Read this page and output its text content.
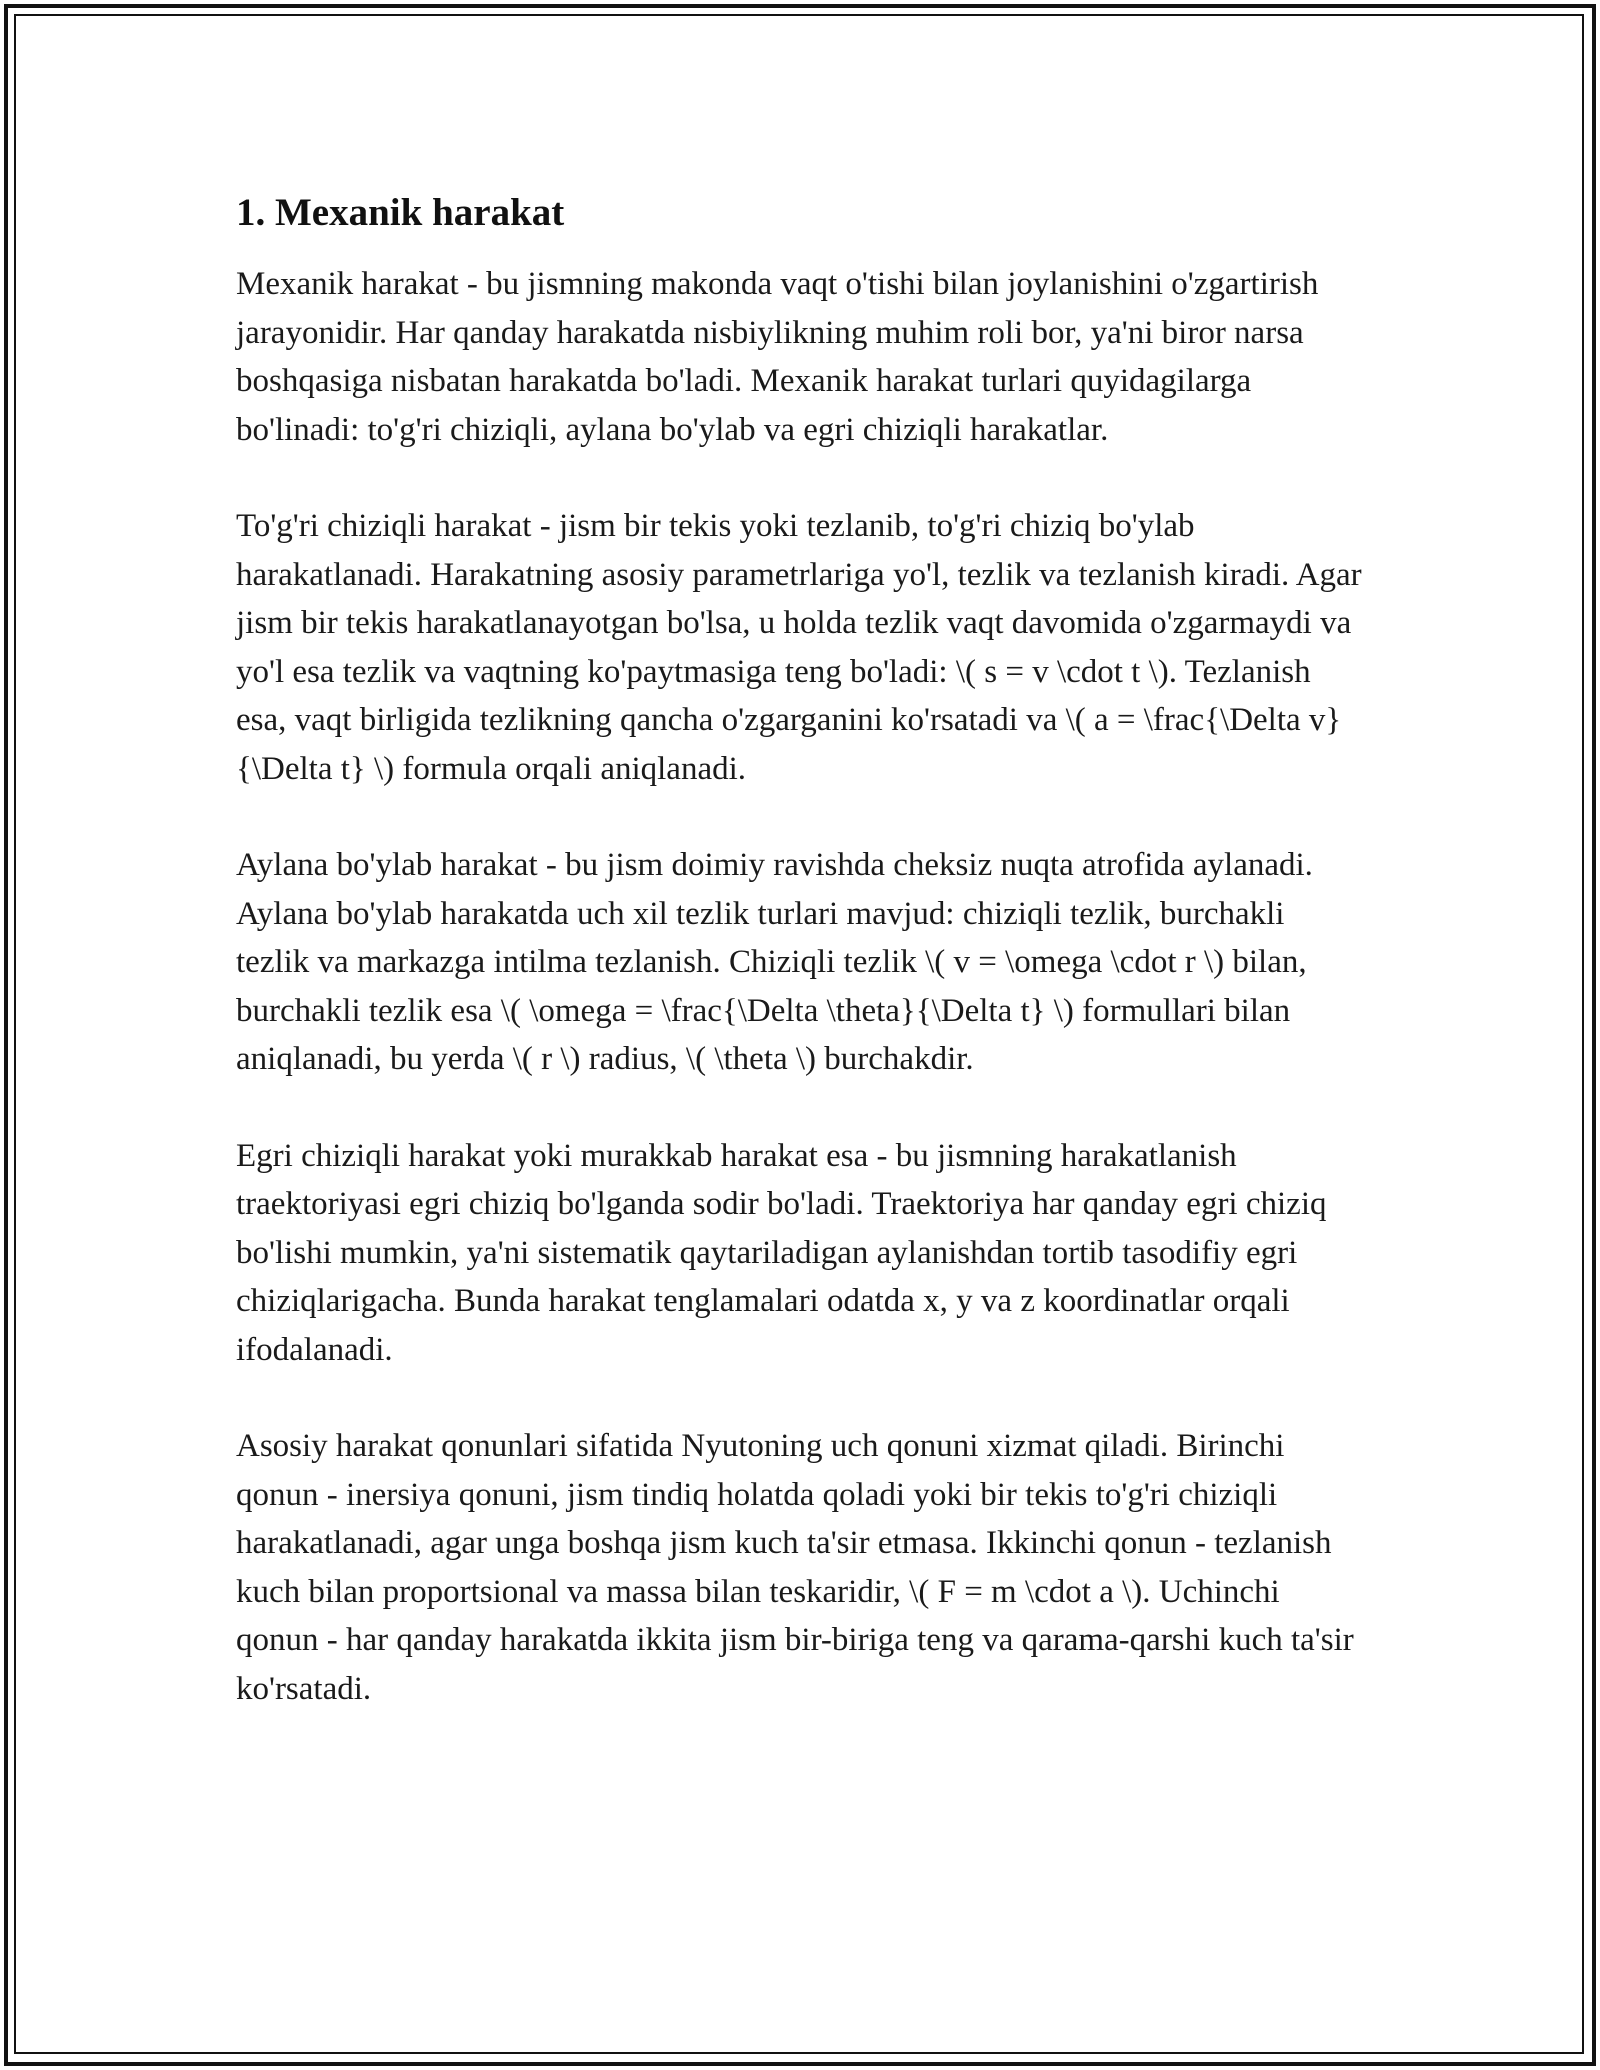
1. Mexanik harakat

Mexanik harakat - bu jismning makonda vaqt o'tishi bilan joylanishini o'zgartirish jarayonidir. Har qanday harakatda nisbiylikning muhim roli bor, ya'ni biror narsa boshqasiga nisbatan harakatda bo'ladi. Mexanik harakat turlari quyidagilarga bo'linadi: to'g'ri chiziqli, aylana bo'ylab va egri chiziqli harakatlar.

To'g'ri chiziqli harakat - jism bir tekis yoki tezlanib, to'g'ri chiziq bo'ylab harakatlanadi. Harakatning asosiy parametrlariga yo'l, tezlik va tezlanish kiradi. Agar jism bir tekis harakatlanayotgan bo'lsa, u holda tezlik vaqt davomida o'zgarmaydi va yo'l esa tezlik va vaqtning ko'paytmasiga teng bo'ladi: \( s = v \cdot t \). Tezlanish esa, vaqt birligida tezlikning qancha o'zgarganini ko'rsatadi va \( a = \frac{\Delta v}{\Delta t} \) formula orqali aniqlanadi.

Aylana bo'ylab harakat - bu jism doimiy ravishda cheksiz nuqta atrofida aylanadi. Aylana bo'ylab harakatda uch xil tezlik turlari mavjud: chiziqli tezlik, burchakli tezlik va markazga intilma tezlanish. Chiziqli tezlik \( v = \omega \cdot r \) bilan, burchakli tezlik esa \( \omega = \frac{\Delta \theta}{\Delta t} \) formullari bilan aniqlanadi, bu yerda \( r \) radius, \( \theta \) burchakdir.

Egri chiziqli harakat yoki murakkab harakat esa - bu jismning harakatlanish traektoriyasi egri chiziq bo'lganda sodir bo'ladi. Traektoriya har qanday egri chiziq bo'lishi mumkin, ya'ni sistematik qaytariladigan aylanishdan tortib tasodifiy egri chiziqlarigacha. Bunda harakat tenglamalari odatda x, y va z koordinatlar orqali ifodalanadi.

Asosiy harakat qonunlari sifatida Nyutoning uch qonuni xizmat qiladi. Birinchi qonun - inersiya qonuni, jism tindiq holatda qoladi yoki bir tekis to'g'ri chiziqli harakatlanadi, agar unga boshqa jism kuch ta'sir etmasa. Ikkinchi qonun - tezlanish kuch bilan proportsional va massa bilan teskaridir, \( F = m \cdot a \). Uchinchi qonun - har qanday harakatda ikkita jism bir-biriga teng va qarama-qarshi kuch ta'sir ko'rsatadi.
